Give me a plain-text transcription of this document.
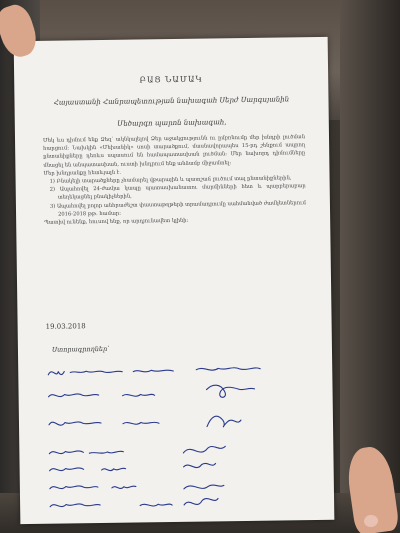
ԲԱՑ ՆԱՄԱԿ
Հայաստանի Հանրապետության նախագահ Սերժ Սարգսյանին
Մեծարգո պարոն նախագահ,

Մեկ ևս դիմում ենք Ձեզ՝ ակնկալելով Ձեր աջակցությունն ու ըմբռնումը մեր խնդրի լուծման հարցում։ Նախկին «Մեխանիկ» սոսի տարածքում, մասնավորապես 15-րդ շենքում ապրող ընտանիքները դեռևս սպասում են համապատասխան լուծման։ Մեր նախորդ դիմումները մնացել են անպատասխան, ուստի խնդրում ենք անձամբ միջամտել։

Մեր խնդրանքը հետևյալն է.

1) Բնակելի տարածքները չհամարել վթարային և պատշաճ լուծում տալ ընտանիքներին,

2) Ապահովել 24-ժամյա կապը պատասխանատու մարմինների հետ և պարբերաբար տեղեկացնել բնակիչներին,

3) Ապահովել բոլոր անհրաժեշտ փաստաթղթերի տրամադրումը սահմանված ժամկետներում 2016-2018 թթ. համար։

Պատիվ ունենք, հուսով ենք, որ արդյունավետ կլինի։

19.03.2018
Ստորագրողներ՝
